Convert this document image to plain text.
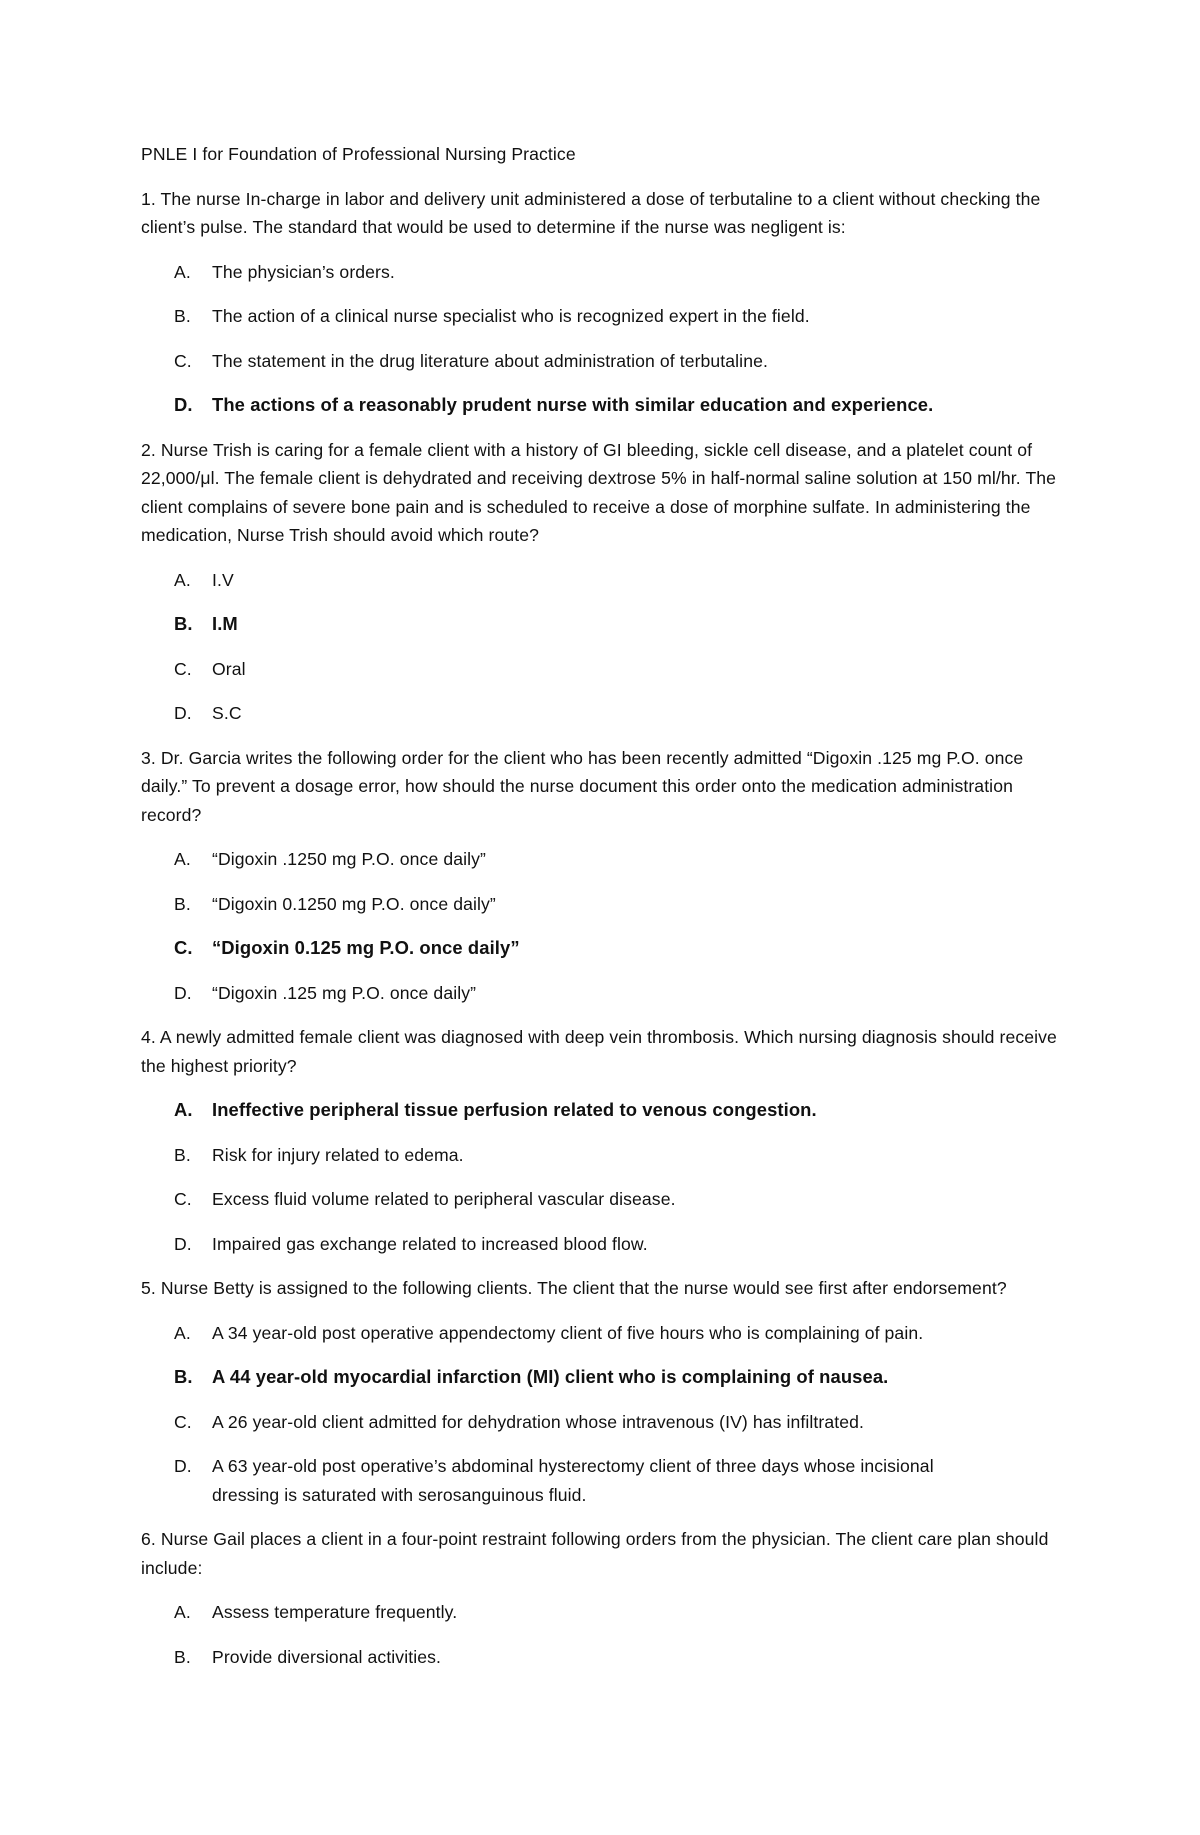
PNLE I for Foundation of Professional Nursing Practice

1. The nurse In-charge in labor and delivery unit administered a dose of terbutaline to a client without checking the client’s pulse. The standard that would be used to determine if the nurse was negligent is:

A.	The physician’s orders.
B.	The action of a clinical nurse specialist who is recognized expert in the field.
C.	The statement in the drug literature about administration of terbutaline.
D.	The actions of a reasonably prudent nurse with similar education and experience.

2. Nurse Trish is caring for a female client with a history of GI bleeding, sickle cell disease, and a platelet count of 22,000/μl. The female client is dehydrated and receiving dextrose 5% in half-normal saline solution at 150 ml/hr. The client complains of severe bone pain and is scheduled to receive a dose of morphine sulfate. In administering the medication, Nurse Trish should avoid which route?

A.	I.V
B.	I.M
C.	Oral
D.	S.C

3. Dr. Garcia writes the following order for the client who has been recently admitted “Digoxin .125 mg P.O. once daily.” To prevent a dosage error, how should the nurse document this order onto the medication administration record?

A.	“Digoxin .1250 mg P.O. once daily”
B.	“Digoxin 0.1250 mg P.O. once daily”
C.	“Digoxin 0.125 mg P.O. once daily”
D.	“Digoxin .125 mg P.O. once daily”

4. A newly admitted female client was diagnosed with deep vein thrombosis. Which nursing diagnosis should receive the highest priority?

A.	Ineffective peripheral tissue perfusion related to venous congestion.
B.	Risk for injury related to edema.
C.	Excess fluid volume related to peripheral vascular disease.
D.	Impaired gas exchange related to increased blood flow.

5. Nurse Betty is assigned to the following clients. The client that the nurse would see first after endorsement?

A.	A 34 year-old post operative appendectomy client of five hours who is complaining of pain.
B.	A 44 year-old myocardial infarction (MI) client who is complaining of nausea.
C.	A 26 year-old client admitted for dehydration whose intravenous (IV) has infiltrated.
D.	A 63 year-old post operative’s abdominal hysterectomy client of three days whose incisional dressing is saturated with serosanguinous fluid.

6. Nurse Gail places a client in a four-point restraint following orders from the physician. The client care plan should include:

A.	Assess temperature frequently.
B.	Provide diversional activities.
